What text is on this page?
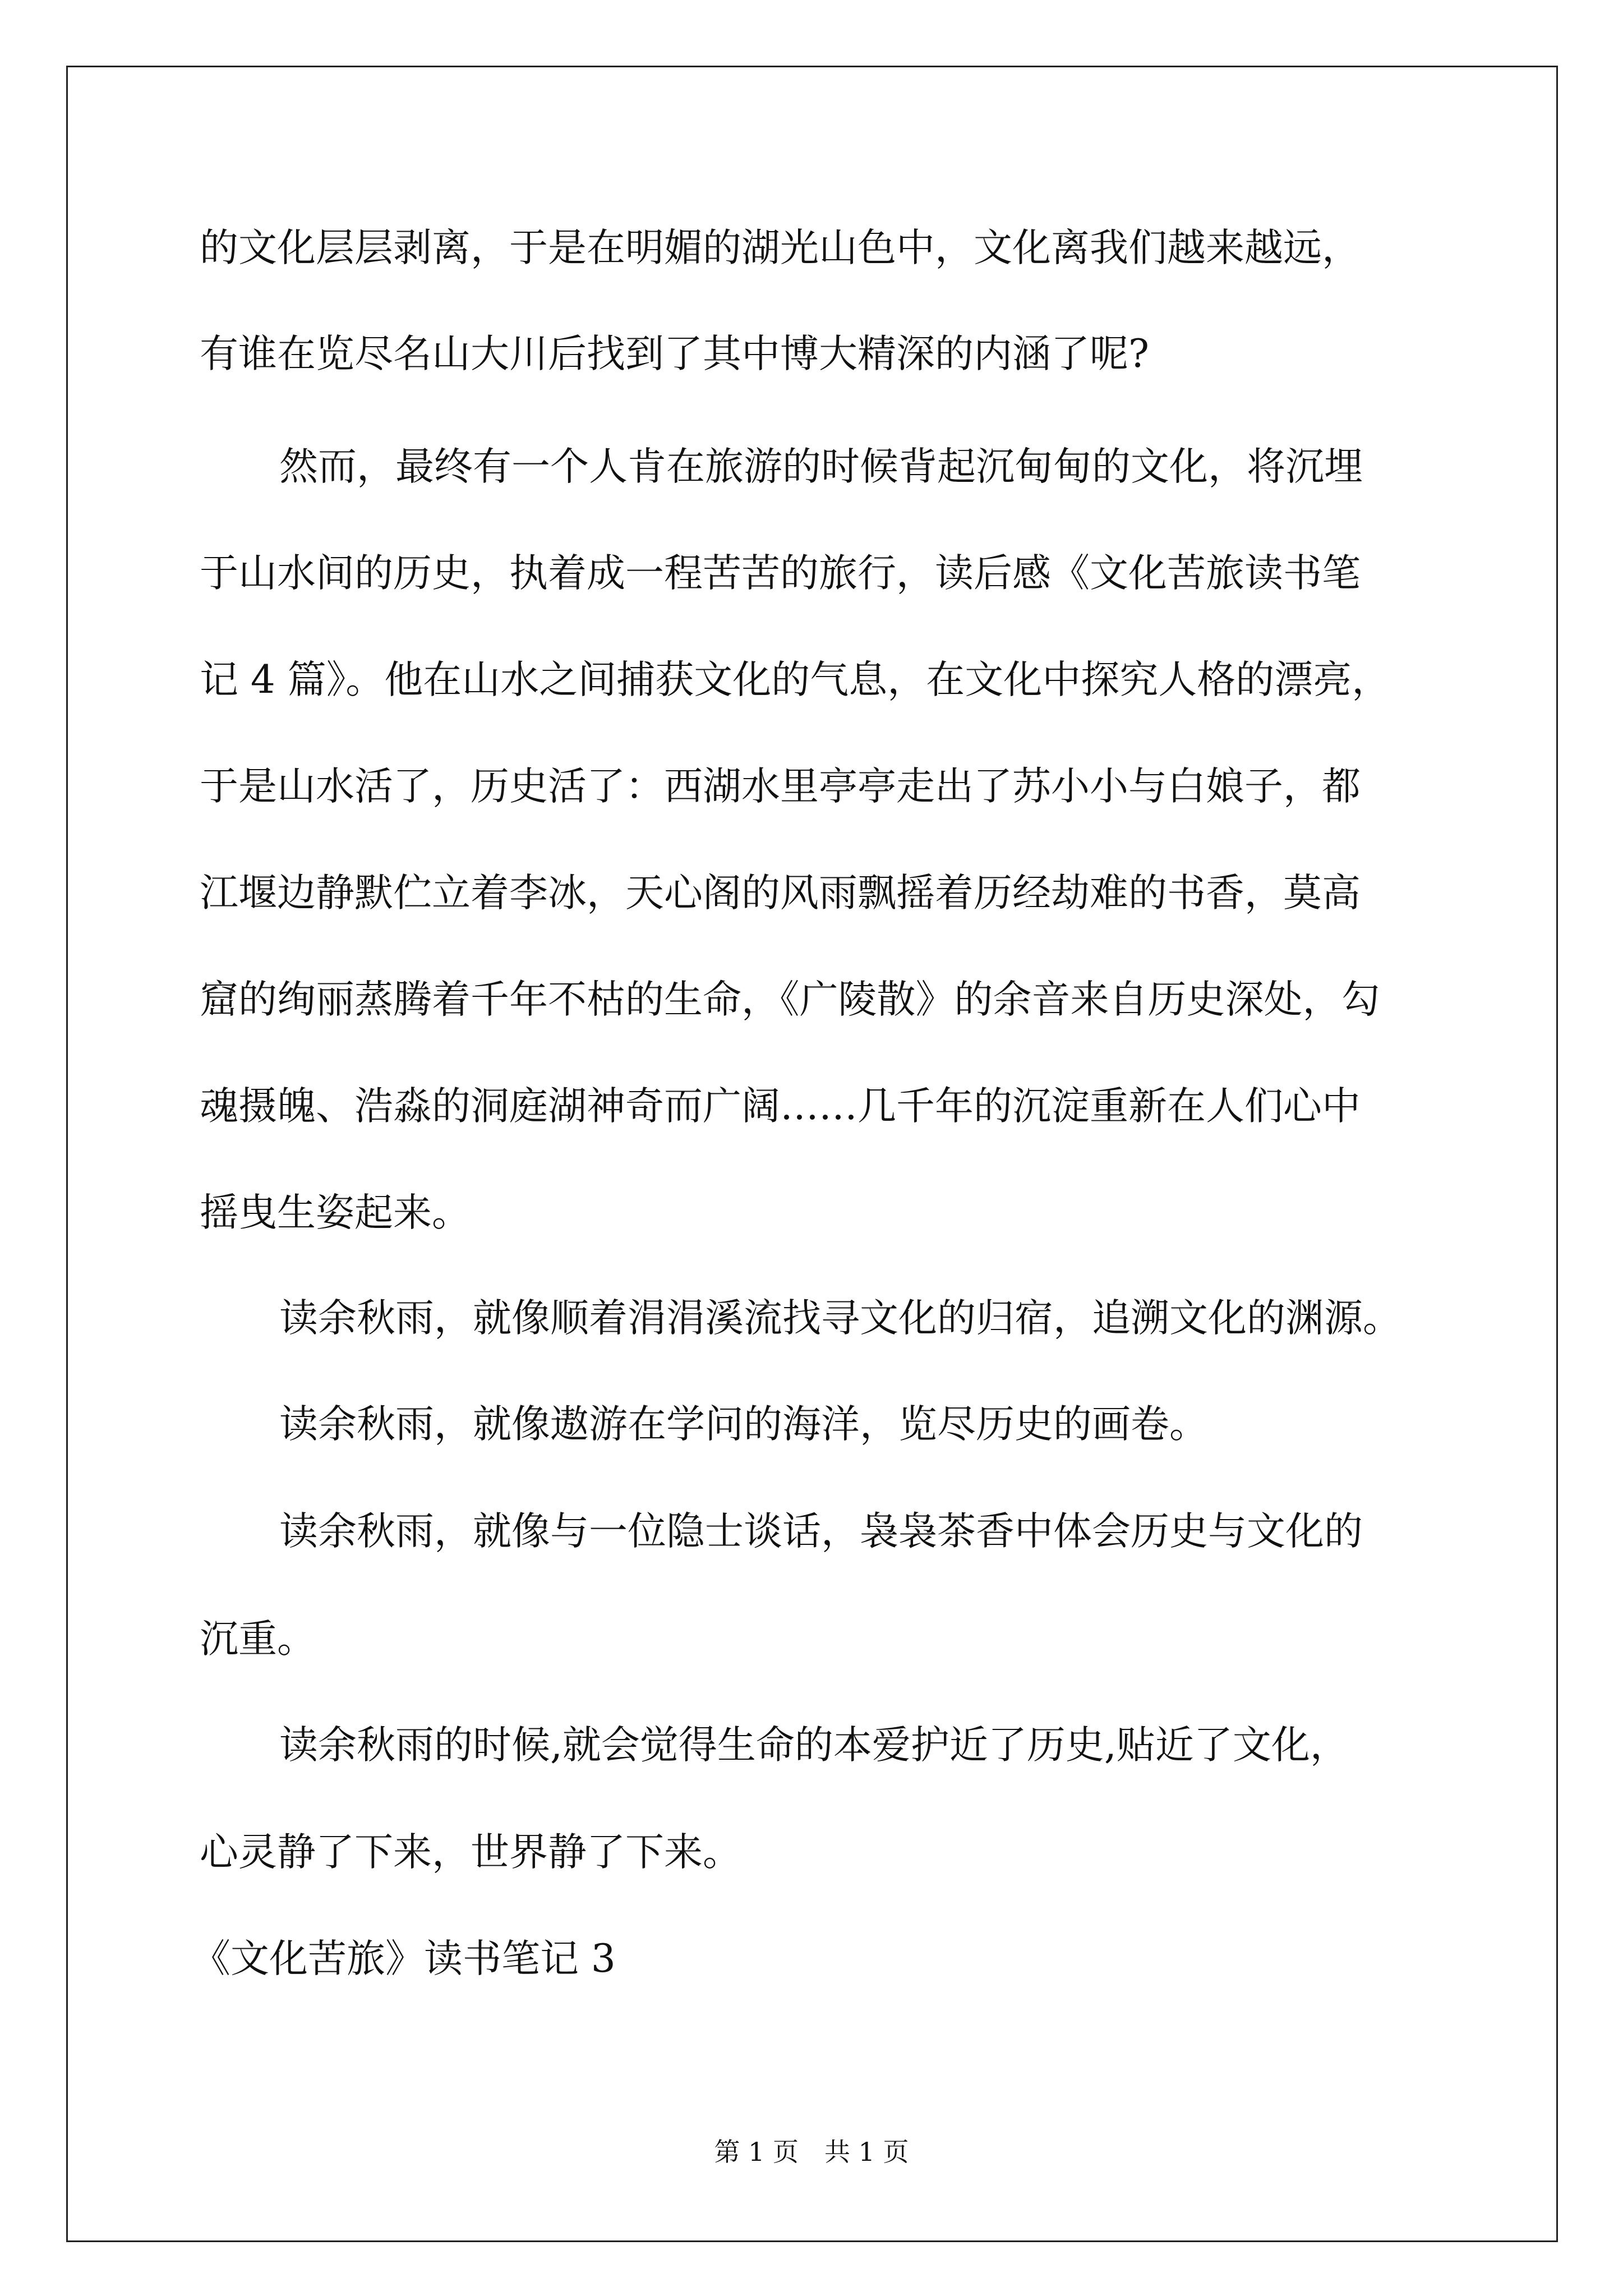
的文化层层剥离，于是在明媚的湖光山色中，文化离我们越来越远，
有谁在览尽名山大川后找到了其中博大精深的内涵了呢?
然而，最终有一个人肯在旅游的时候背起沉甸甸的文化，将沉埋
于山水间的历史，执着成一程苦苦的旅行，读后感《文化苦旅读书笔
记 4 篇》。他在山水之间捕获文化的气息，在文化中探究人格的漂亮，
于是山水活了，历史活了：西湖水里亭亭走出了苏小小与白娘子，都
江堰边静默伫立着李冰，天心阁的风雨飘摇着历经劫难的书香，莫高
窟的绚丽蒸腾着千年不枯的生命，《广陵散》的余音来自历史深处，勾
魂摄魄、浩淼的洞庭湖神奇而广阔……几千年的沉淀重新在人们心中
摇曳生姿起来。
读余秋雨，就像顺着涓涓溪流找寻文化的归宿，追溯文化的渊源。
读余秋雨，就像遨游在学问的海洋，览尽历史的画卷。
读余秋雨，就像与一位隐士谈话，袅袅茶香中体会历史与文化的
沉重。
读余秋雨的时候,就会觉得生命的本爱护近了历史,贴近了文化，
心灵静了下来，世界静了下来。
《文化苦旅》读书笔记 3
第 1 页　共 1 页
